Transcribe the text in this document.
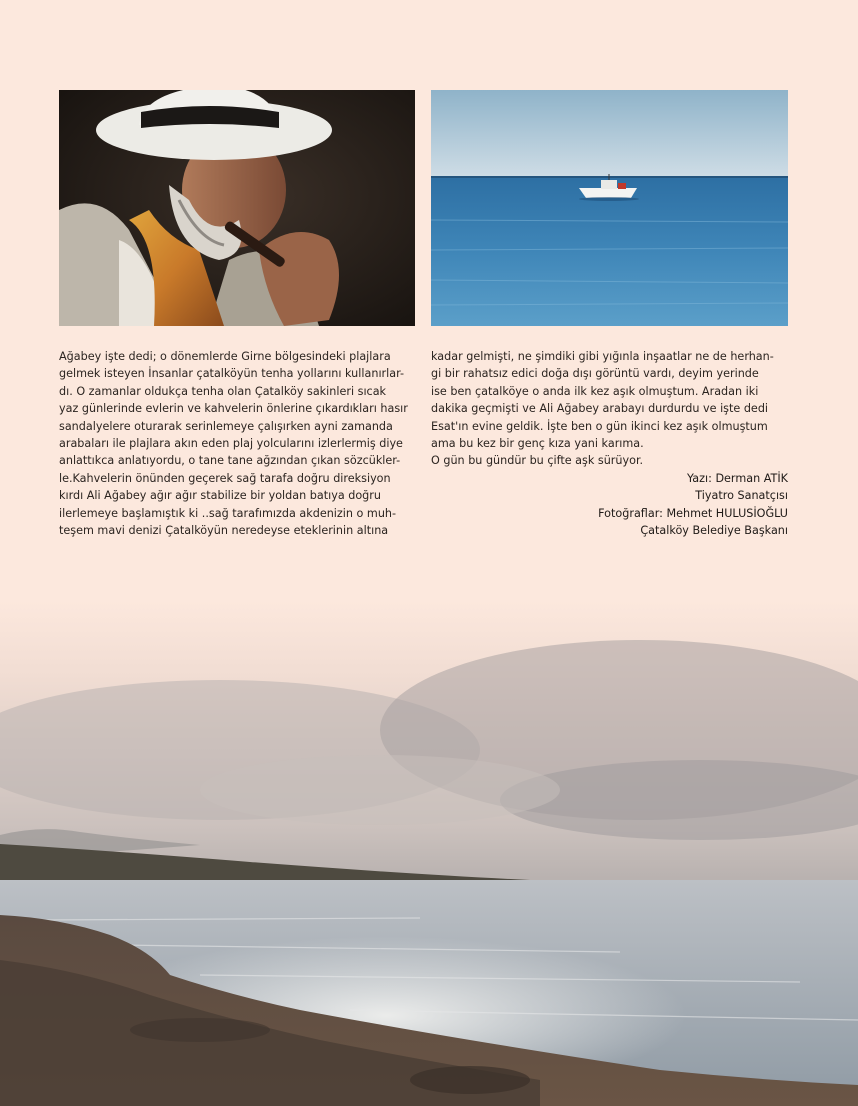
Ağabey işte dedi; o dönemlerde Girne bölgesindeki plajlara

gelmek isteyen İnsanlar çatalköyün tenha yollarını kullanırlar-

dı. O zamanlar oldukça tenha olan Çatalköy sakinleri sıcak

yaz günlerinde evlerin ve kahvelerin önlerine çıkardıkları hasır

sandalyelere oturarak serinlemeye çalışırken ayni zamanda

arabaları ile plajlara akın eden plaj yolcularını izlerlermiş diye

anlattıkca anlatıyordu, o tane tane ağzından çıkan sözcükler-

le.Kahvelerin önünden geçerek sağ tarafa doğru direksiyon

kırdı Ali Ağabey ağır ağır stabilize bir yoldan batıya doğru

ilerlemeye başlamıştık ki ..sağ tarafımızda akdenizin o muh-

teşem mavi denizi Çatalköyün neredeyse eteklerinin altına

kadar gelmişti, ne şimdiki gibi yığınla inşaatlar ne de herhan-

gi bir rahatsız edici doğa dışı görüntü vardı, deyim yerinde

ise ben çatalköye o anda ilk kez aşık olmuştum. Aradan iki

dakika geçmişti ve Ali Ağabey arabayı durdurdu ve işte dedi

Esat'ın evine geldik. İşte ben o gün ikinci kez aşık olmuştum

ama bu kez bir genç kıza yani karıma.

O gün bu gündür bu çifte aşk sürüyor.

Yazı: Derman ATİK
Tiyatro Sanatçısı
Fotoğraflar: Mehmet HULUSİOĞLU
Çatalköy Belediye Başkanı
